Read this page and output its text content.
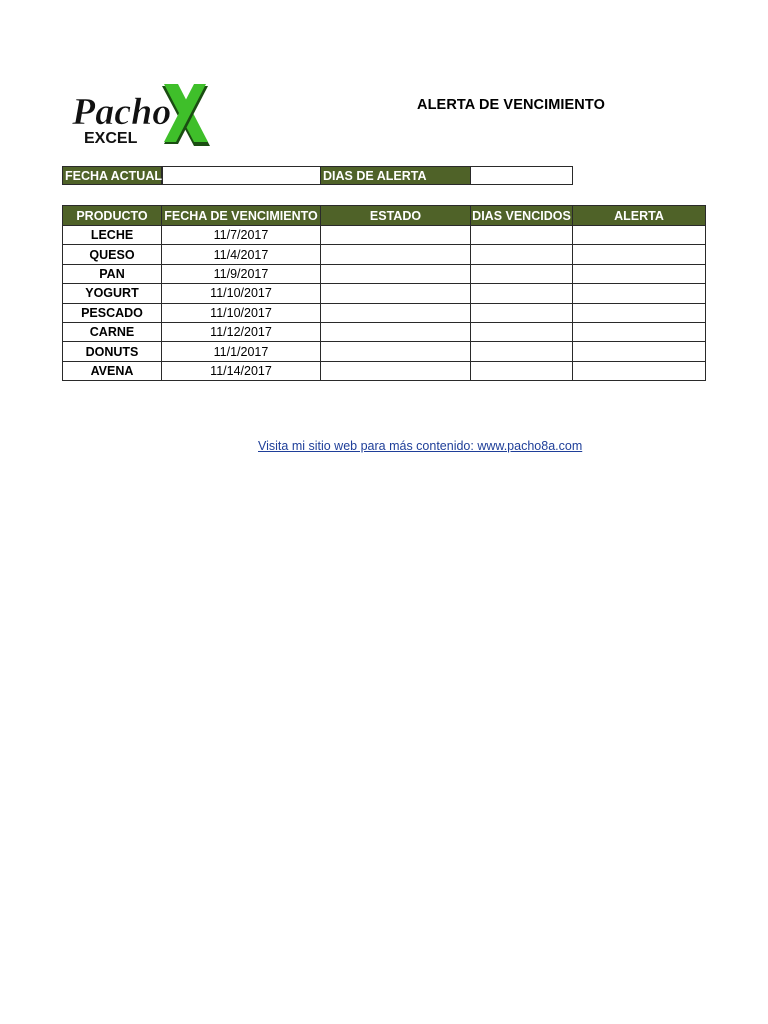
Pacho
EXCEL
ALERTA DE VENCIMIENTO
FECHA ACTUAL	DIAS DE ALERTA
PRODUCTO	FECHA DE VENCIMIENTO	ESTADO	DIAS VENCIDOS	ALERTA
LECHE	11/7/2017			
QUESO	11/4/2017			
PAN	11/9/2017			
YOGURT	11/10/2017			
PESCADO	11/10/2017			
CARNE	11/12/2017			
DONUTS	11/1/2017			
AVENA	11/14/2017			
Visita mi sitio web para más contenido: www.pacho8a.com
